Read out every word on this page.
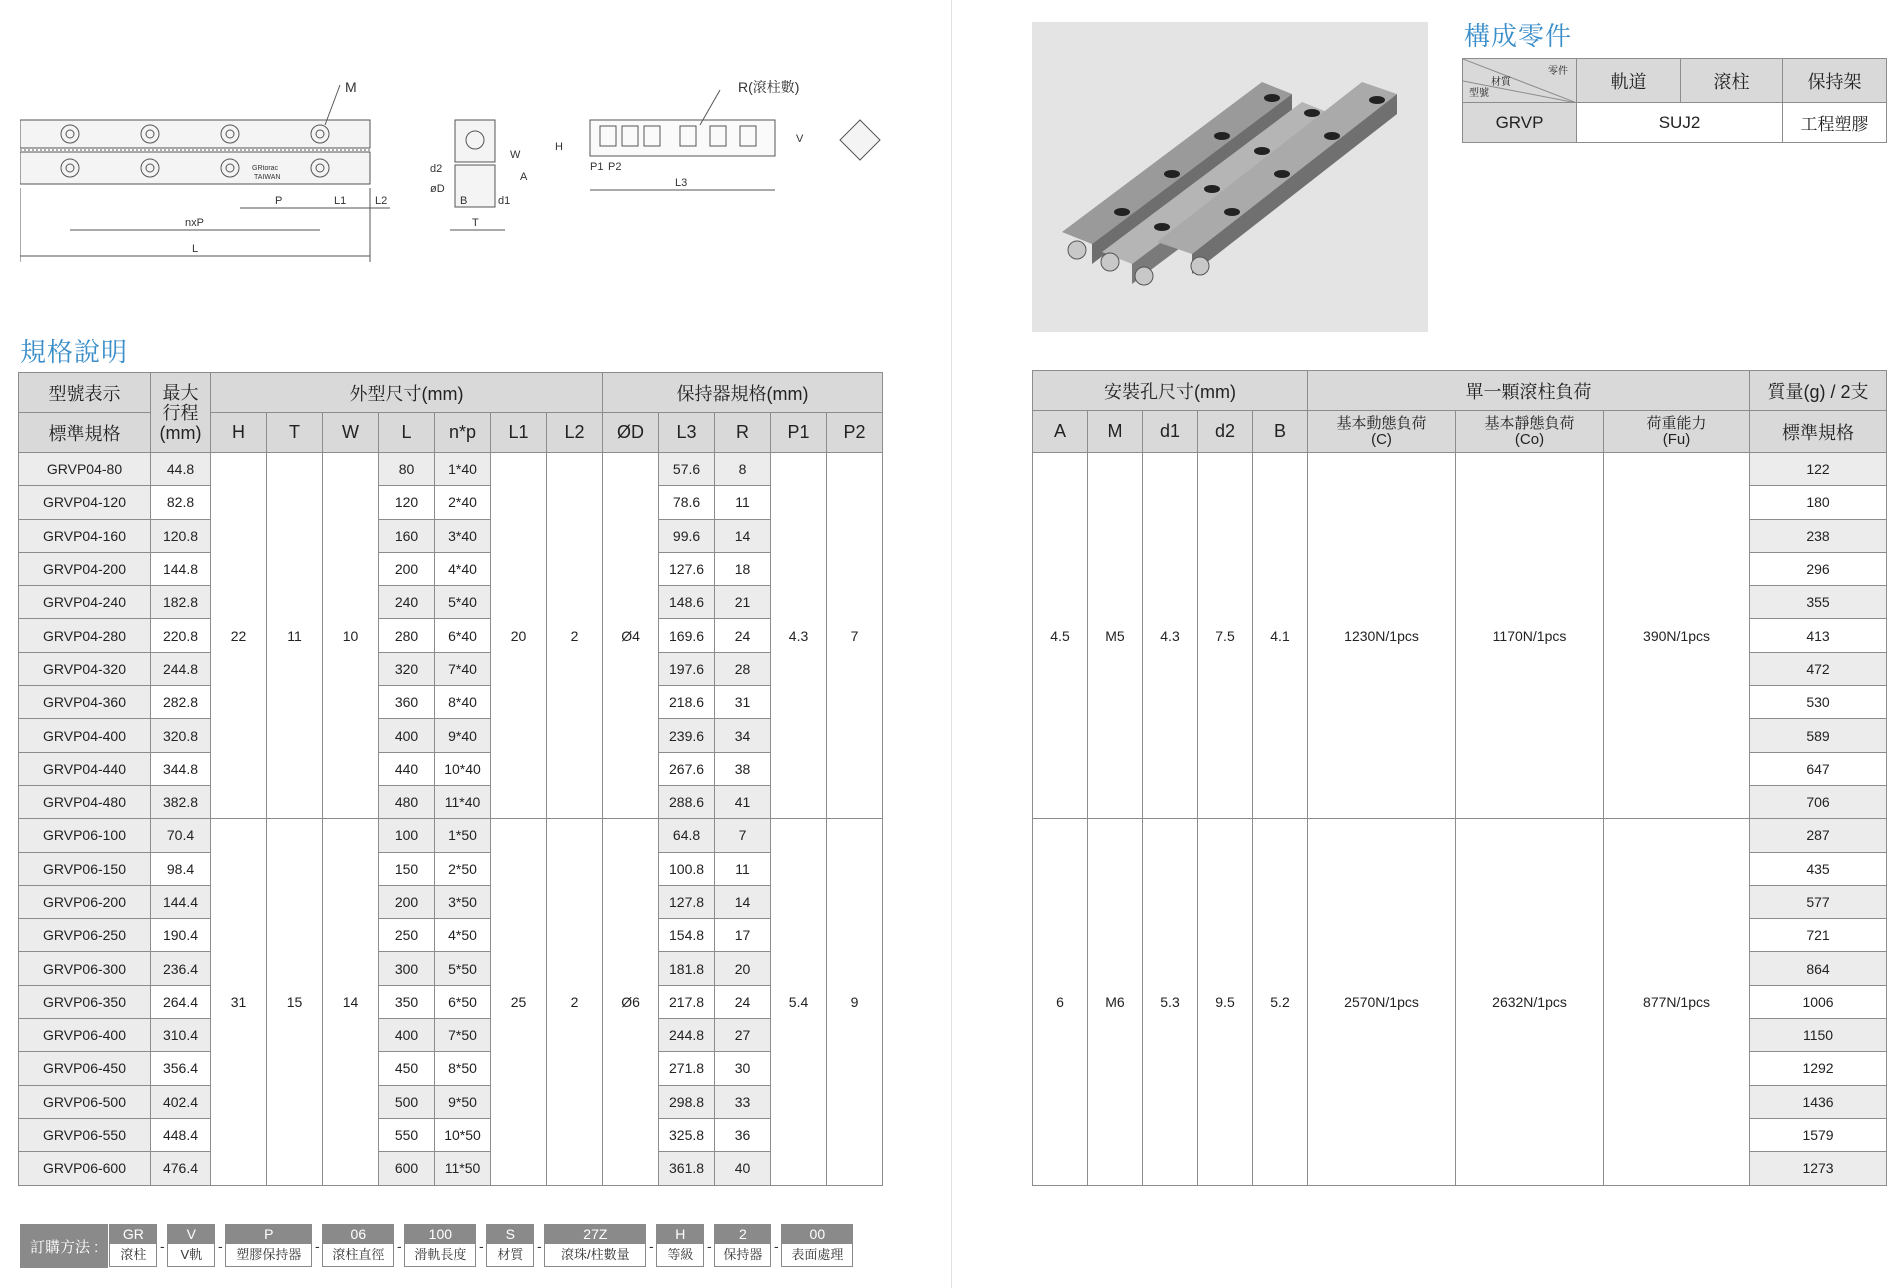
M
nxP
L
P	L1	L2
GRtorac
TAIWAN
T
W
A
H
B	d1
d2
øD
R(滾柱數)
P1 P2
L3
V
規格說明
型號表示	最大
行程
(mm)	外型尺寸(mm)							保持器規格(mm)				
標準規格		H	T	W	L	n*p	L1	L2	ØD	L3	R	P1	P2
GRVP04-80	44.8	22	11	10	80	1*40	20	2	Ø4	57.6	8	4.3	7
GRVP04-120	82.8				120	2*40				78.6	11		
GRVP04-160	120.8				160	3*40				99.6	14		
GRVP04-200	144.8				200	4*40				127.6	18		
GRVP04-240	182.8				240	5*40				148.6	21		
GRVP04-280	220.8				280	6*40				169.6	24		
GRVP04-320	244.8				320	7*40				197.6	28		
GRVP04-360	282.8				360	8*40				218.6	31		
GRVP04-400	320.8				400	9*40				239.6	34		
GRVP04-440	344.8				440	10*40				267.6	38		
GRVP04-480	382.8				480	11*40				288.6	41		
GRVP06-100	70.4	31	15	14	100	1*50	25	2	Ø6	64.8	7	5.4	9
GRVP06-150	98.4				150	2*50				100.8	11		
GRVP06-200	144.4				200	3*50				127.8	14		
GRVP06-250	190.4				250	4*50				154.8	17		
GRVP06-300	236.4				300	5*50				181.8	20		
GRVP06-350	264.4				350	6*50				217.8	24		
GRVP06-400	310.4				400	7*50				244.8	27		
GRVP06-450	356.4				450	8*50				271.8	30		
GRVP06-500	402.4				500	9*50				298.8	33		
GRVP06-550	448.4				550	10*50				325.8	36		
GRVP06-600	476.4				600	11*50				361.8	40		
訂購方法 :
GR
滾柱
-
V
V軌
-
P
塑膠保持器
-
06
滾柱直徑
-
100
滑軌長度
-
S
材質
-
27Z
滾珠/柱數量
-
H
等級
-
2
保持器
-
00
表面處理
構成零件
零件
材質
型號	軌道	滾柱	保持架
GRVP	SUJ2		工程塑膠
安裝孔尺寸(mm)					單一顆滾柱負荷			質量(g) / 2支
A	M	d1	d2	B	基本動態負荷
(C)	基本靜態負荷
(Co)	荷重能力
(Fu)	標準規格
4.5	M5	4.3	7.5	4.1	1230N/1pcs	1170N/1pcs	390N/1pcs	122
								180
								238
								296
								355
								413
								472
								530
								589
								647
								706
6	M6	5.3	9.5	5.2	2570N/1pcs	2632N/1pcs	877N/1pcs	287
								435
								577
								721
								864
								1006
								1150
								1292
								1436
								1579
								1273
